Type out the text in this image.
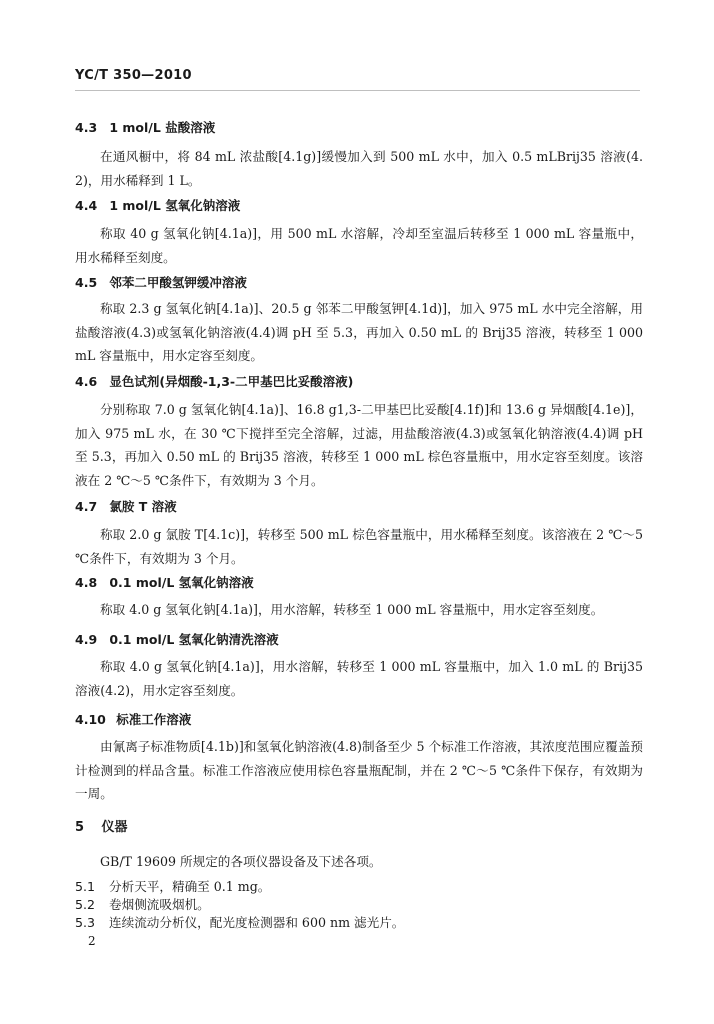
YC/T 350—2010
4.3 1 mol/L 盐酸溶液
在通风橱中，将 84 mL 浓盐酸[4.1g)]缓慢加入到 500 mL 水中，加入 0.5 mLBrij35 溶液(4.2)，用水稀释到 1 L。
4.4 1 mol/L 氢氧化钠溶液
称取 40 g 氢氧化钠[4.1a)]，用 500 mL 水溶解，冷却至室温后转移至 1 000 mL 容量瓶中，用水稀释至刻度。
4.5 邻苯二甲酸氢钾缓冲溶液
称取 2.3 g 氢氧化钠[4.1a)]、20.5 g 邻苯二甲酸氢钾[4.1d)]，加入 975 mL 水中完全溶解，用盐酸溶液(4.3)或氢氧化钠溶液(4.4)调 pH 至 5.3，再加入 0.50 mL 的 Brij35 溶液，转移至 1 000 mL 容量瓶中，用水定容至刻度。
4.6 显色试剂(异烟酸-1,3-二甲基巴比妥酸溶液)
分别称取 7.0 g 氢氧化钠[4.1a)]、16.8 g1,3-二甲基巴比妥酸[4.1f)]和 13.6 g 异烟酸[4.1e)]，加入 975 mL 水，在 30 ℃下搅拌至完全溶解，过滤，用盐酸溶液(4.3)或氢氧化钠溶液(4.4)调 pH 至 5.3，再加入 0.50 mL 的 Brij35 溶液，转移至 1 000 mL 棕色容量瓶中，用水定容至刻度。该溶液在 2 ℃～5 ℃条件下，有效期为 3 个月。
4.7 氯胺 T 溶液
称取 2.0 g 氯胺 T[4.1c)]，转移至 500 mL 棕色容量瓶中，用水稀释至刻度。该溶液在 2 ℃～5 ℃条件下，有效期为 3 个月。
4.8 0.1 mol/L 氢氧化钠溶液
称取 4.0 g 氢氧化钠[4.1a)]，用水溶解，转移至 1 000 mL 容量瓶中，用水定容至刻度。
4.9 0.1 mol/L 氢氧化钠清洗溶液
称取 4.0 g 氢氧化钠[4.1a)]，用水溶解，转移至 1 000 mL 容量瓶中，加入 1.0 mL 的 Brij35 溶液(4.2)，用水定容至刻度。
4.10 标准工作溶液
由氰离子标准物质[4.1b)]和氢氧化钠溶液(4.8)制备至少 5 个标准工作溶液，其浓度范围应覆盖预计检测到的样品含量。标准工作溶液应使用棕色容量瓶配制，并在 2 ℃～5 ℃条件下保存，有效期为一周。
5 仪器
GB/T 19609 所规定的各项仪器设备及下述各项。
5.1 分析天平，精确至 0.1 mg。
5.2 卷烟侧流吸烟机。
5.3 连续流动分析仪，配光度检测器和 600 nm 滤光片。
2
